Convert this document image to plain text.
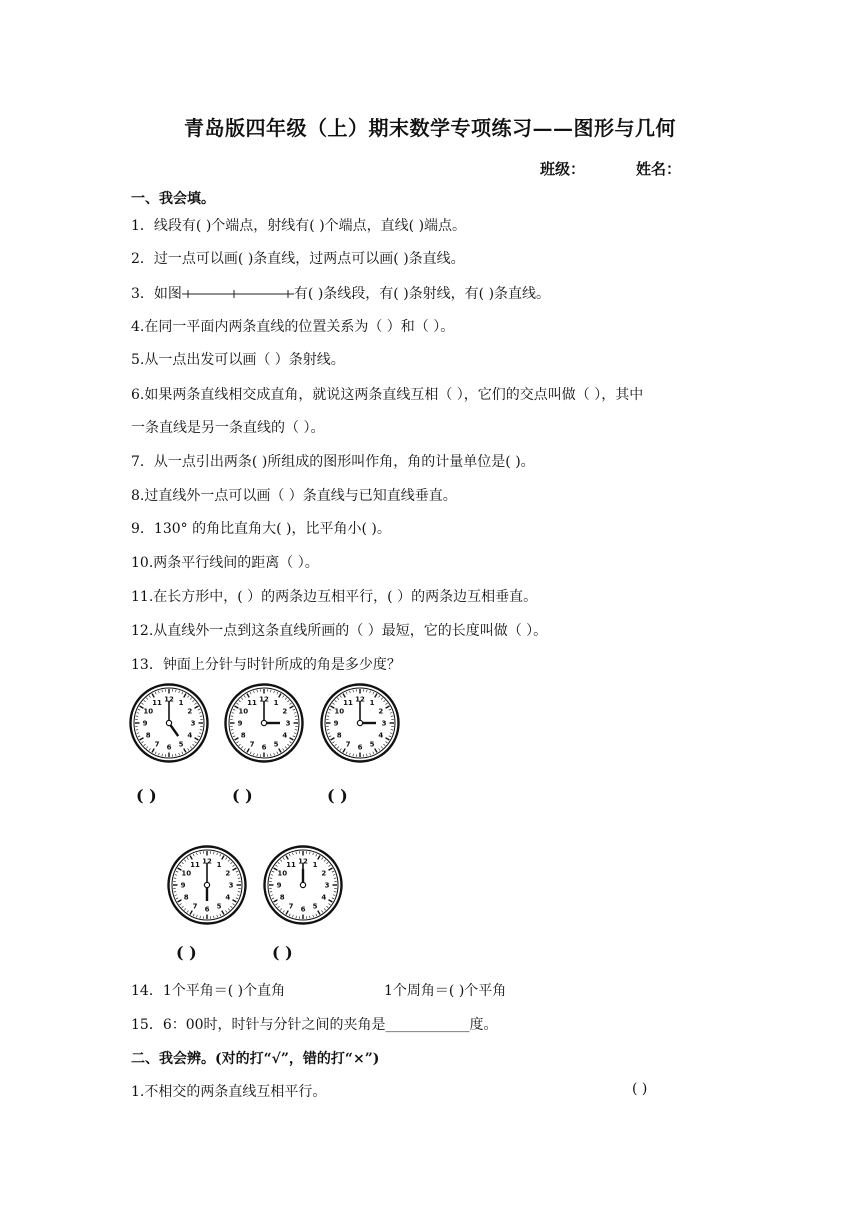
青岛版四年级（上）期末数学专项练习——图形与几何
班级：	姓名：
一、我会填。
1．线段有( )个端点，射线有( )个端点，直线( )端点。
2．过一点可以画( )条直线，过两点可以画( )条直线。
3．如图	有( )条线段，有( )条射线，有( )条直线。
4.在同一平面内两条直线的位置关系为（ ）和（ ）。
5.从一点出发可以画（ ）条射线。
6.如果两条直线相交成直角，就说这两条直线互相（ ），它们的交点叫做（ ），其中
一条直线是另一条直线的（ ）。
7．从一点引出两条( )所组成的图形叫作角，角的计量单位是( )。
8.过直线外一点可以画（ ）条直线与已知直线垂直。
9．130° 的角比直角大( )，比平角小( )。
10.两条平行线间的距离（ ）。
11.在长方形中，( ）的两条边互相平行，( ）的两条边互相垂直。
12.从直线外一点到这条直线所画的（ ）最短，它的长度叫做（ ）。
13．钟面上分针与时针所成的角是多少度？
1
2
3
4
5
6
7
8
9
10
11 12	1
2
3
4
5
6
7
8
9
10
11 12	1
2
3
4
5
6
7
8
9
10
11 12
( )	( )	( )
1
2
3
4
5
6
7
8
9
10
11 12	1
2
3
4
5
6
7
8
9
10
11 12
( )	( )
14．1个平角＝( )个直角	1个周角＝( )个平角
15．6：00时，时针与分针之间的夹角是____________度。
二、我会辨。(对的打“√”，错的打“×”)
1.不相交的两条直线互相平行。	( )
